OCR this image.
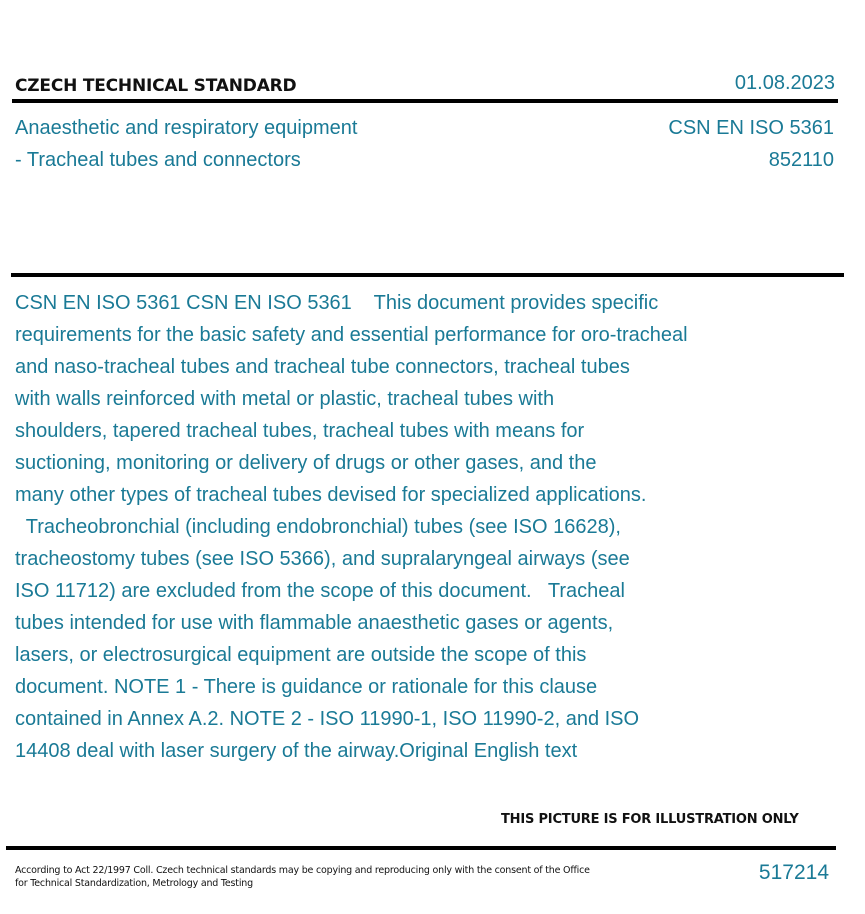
CZECH TECHNICAL STANDARD	01.08.2023
Anaesthetic and respiratory equipment
- Tracheal tubes and connectors
CSN EN ISO 5361
852110
CSN EN ISO 5361 CSN EN ISO 5361    This document provides specific
requirements for the basic safety and essential performance for oro-tracheal
and naso-tracheal tubes and tracheal tube connectors, tracheal tubes
with walls reinforced with metal or plastic, tracheal tubes with
shoulders, tapered tracheal tubes, tracheal tubes with means for
suctioning, monitoring or delivery of drugs or other gases, and the
many other types of tracheal tubes devised for specialized applications.
Tracheobronchial (including endobronchial) tubes (see ISO 16628),
tracheostomy tubes (see ISO 5366), and supralaryngeal airways (see
ISO 11712) are excluded from the scope of this document.   Tracheal
tubes intended for use with flammable anaesthetic gases or agents,
lasers, or electrosurgical equipment are outside the scope of this
document. NOTE 1 - There is guidance or rationale for this clause
contained in Annex A.2. NOTE 2 - ISO 11990-1, ISO 11990-2, and ISO
14408 deal with laser surgery of the airway.Original English text
THIS PICTURE IS FOR ILLUSTRATION ONLY
According to Act 22/1997 Coll. Czech technical standards may be copying and reproducing only with the consent of the Office
for Technical Standardization, Metrology and Testing	517214
